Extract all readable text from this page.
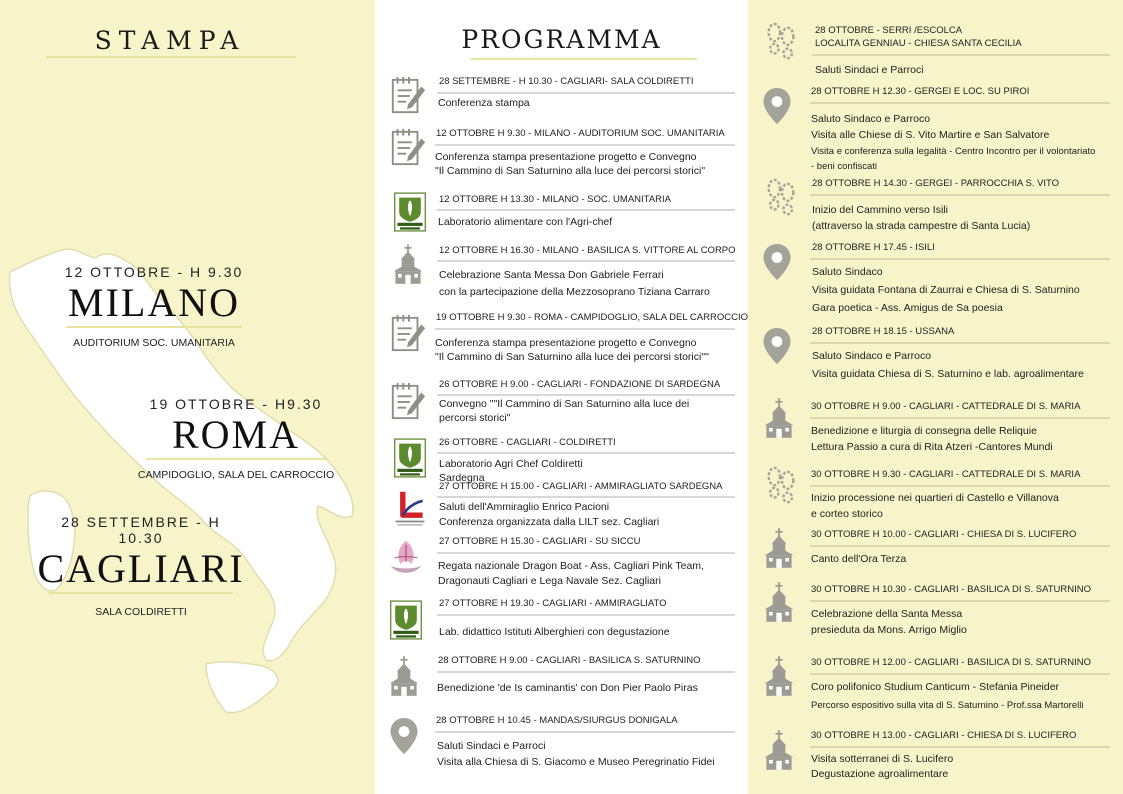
STAMPA
12 OTTOBRE - H 9.30
MILANO
AUDITORIUM SOC. UMANITARIA
19 OTTOBRE - H9.30
ROMA
CAMPIDOGLIO, SALA DEL CARROCCIO
28 SETTEMBRE - H 10.30
CAGLIARI
SALA COLDIRETTI
PROGRAMMA
28 SETTEMBRE - H 10.30 - CAGLIARI- SALA COLDIRETTI
Conferenza stampa
12 OTTOBRE H 9.30 - MILANO - AUDITORIUM SOC. UMANITARIA
Conferenza stampa presentazione progetto e Convegno
"Il Cammino di San Saturnino alla luce dei percorsi storici"
12 OTTOBRE H 13.30 - MILANO - SOC. UMANITARIA
Laboratorio alimentare con l'Agri-chef
12 OTTOBRE H 16.30 - MILANO - BASILICA S. VITTORE AL CORPO
Celebrazione Santa Messa Don Gabriele Ferrari
con la partecipazione della Mezzosoprano Tiziana Carraro
19 OTTOBRE H 9.30 - ROMA - CAMPIDOGLIO, SALA DEL CARROCCIO
Conferenza stampa presentazione progetto e Convegno
"Il Cammino di San Saturnino alla luce dei percorsi storici""
26 OTTOBRE H 9.00 - CAGLIARI - FONDAZIONE DI SARDEGNA
Convegno ""Il Cammino di San Saturnino alla luce dei
percorsi storici"
26 OTTOBRE - CAGLIARI - COLDIRETTI
Laboratorio Agri Chef Coldiretti
Sardegna
27 OTTOBRE H 15.00 - CAGLIARI - AMMIRAGLIATO SARDEGNA
Saluti dell'Ammiraglio Enrico Pacioni
Conferenza organizzata dalla LILT sez. Cagliari
27 OTTOBRE H 15.30 - CAGLIARI - SU SICCU
Regata nazionale Dragon Boat - Ass. Cagliari Pink Team,
Dragonauti Cagliari e Lega Navale Sez. Cagliari
27 OTTOBRE H 19.30 - CAGLIARI - AMMIRAGLIATO
Lab. didattico Istituti Alberghieri con degustazione
28 OTTOBRE H 9.00 - CAGLIARI - BASILICA S. SATURNINO
Benedizione 'de Is caminantis' con Don Pier Paolo Piras
28 OTTOBRE H 10.45 - MANDAS/SIURGUS DONIGALA
Saluti Sindaci e Parroci
Visita alla Chiesa di S. Giacomo e Museo Peregrinatio Fidei
28 OTTOBRE - SERRI /ESCOLCA
LOCALITA GENNIAU - CHIESA SANTA CECILIA
Saluti Sindaci e Parroci
28 OTTOBRE H 12.30 - GERGEI E LOC. SU PIROI
Saluto Sindaco e Parroco
Visita alle Chiese di S. Vito Martire e San Salvatore
Visita e conferenza sulla legalità - Centro Incontro per il volontariato
- beni confiscati
28 OTTOBRE H 14.30 - GERGEI - PARROCCHIA S. VITO
Inizio del Cammino verso Isili
(attraverso la strada campestre di Santa Lucia)
28 OTTOBRE H 17.45 - ISILI
Saluto Sindaco
Visita guidata Fontana di Zaurrai e Chiesa di S. Saturnino
Gara poetica - Ass. Amigus de Sa poesia
28 OTTOBRE H 18.15 - USSANA
Saluto Sindaco e Parroco
Visita guidata Chiesa di S. Saturnino e lab. agroalimentare
30 OTTOBRE H 9.00 - CAGLIARI - CATTEDRALE DI S. MARIA
Benedizione e liturgia di consegna delle Reliquie
Lettura Passio a cura di Rita Atzeri -Cantores Mundi
30 OTTOBRE H 9.30 - CAGLIARI - CATTEDRALE DI S. MARIA
Inizio processione nei quartieri di Castello e Villanova
e corteo storico
30 OTTOBRE H 10.00 - CAGLIARI - CHIESA DI S. LUCIFERO
Canto dell'Ora Terza
30 OTTOBRE H 10.30 - CAGLIARI - BASILICA DI S. SATURNINO
Celebrazione della Santa Messa
presieduta da Mons. Arrigo Miglio
30 OTTOBRE H 12.00 - CAGLIARI - BASILICA DI S. SATURNINO
Coro polifonico Studium Canticum - Stefania Pineider
Percorso espositivo sulla vita di S. Saturnino - Prof.ssa Martorelli
30 OTTOBRE H 13.00 - CAGLIARI - CHIESA DI S. LUCIFERO
Visita sotterranei di S. Lucifero
Degustazione agroalimentare
